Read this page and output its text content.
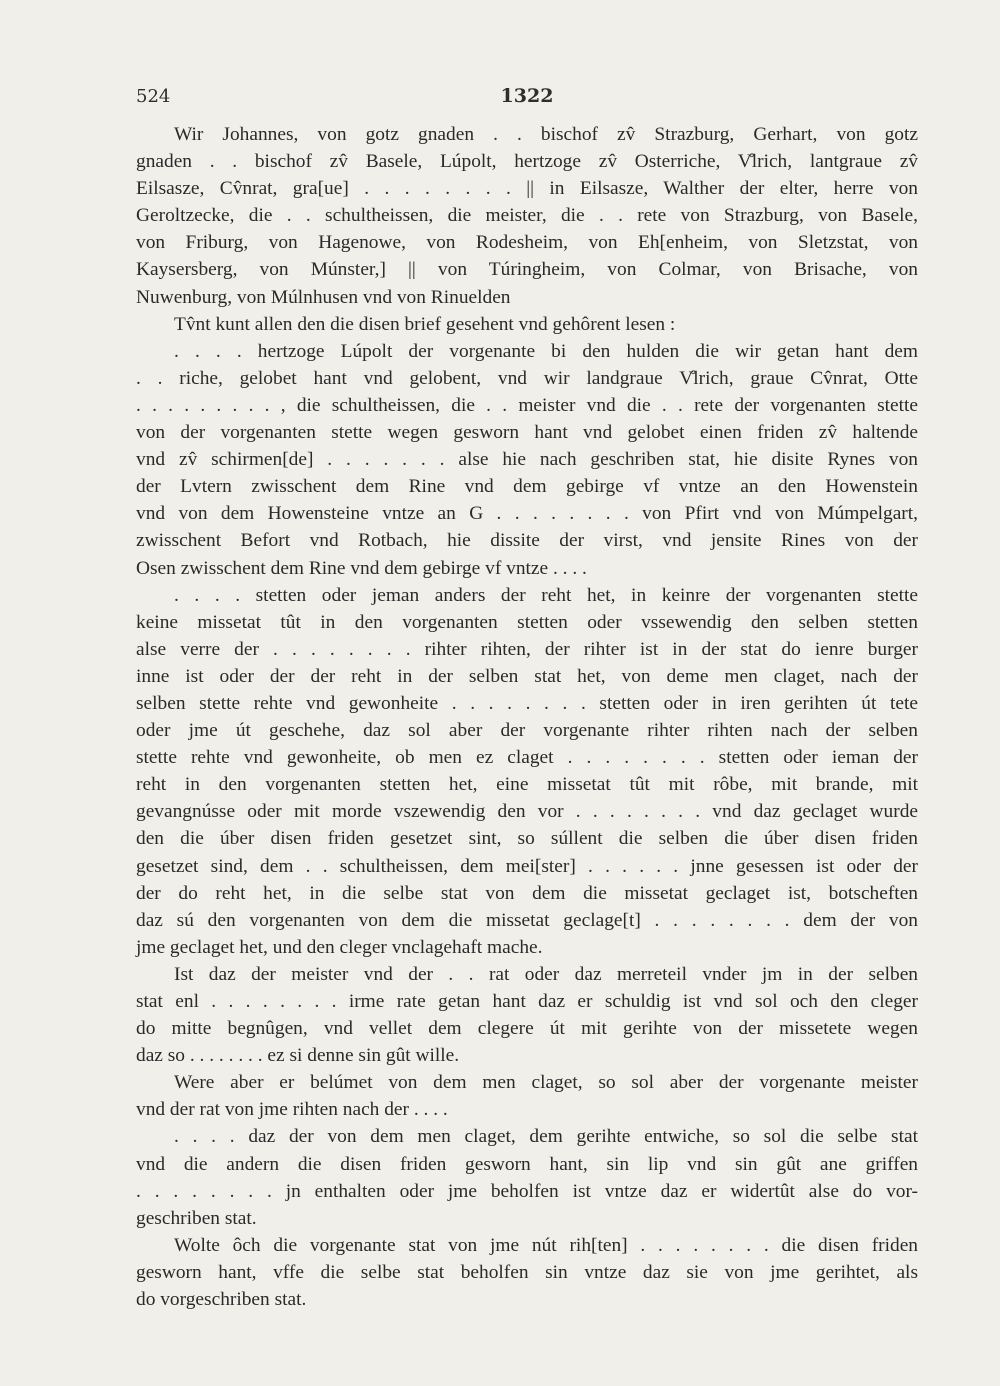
524	1322
Wir Johannes, von gotz gnaden . . bischof zv̂ Strazburg, Gerhart, von gotz
gnaden . . bischof zv̂ Basele, Lúpolt, hertzoge zv̂ Osterriche, V̊lrich, lantgraue zv̂
Eilsasze, Cv̂nrat, gra[ue] . . . . . . . . || in Eilsasze, Walther der elter, herre von
Geroltzecke, die . . schultheissen, die meister, die . . rete von Strazburg, von Basele,
von Friburg, von Hagenowe, von Rodesheim, von Eh[enheim, von Sletzstat, von
Kaysersberg, von Múnster,] || von Túringheim, von Colmar, von Brisache, von
Nuwenburg, von Múlnhusen vnd von Rinuelden
Tv̂nt kunt allen den die disen brief gesehent vnd gehôrent lesen :
. . . . hertzoge Lúpolt der vorgenante bi den hulden die wir getan hant dem
. . riche, gelobet hant vnd gelobent, vnd wir landgraue V̊lrich, graue Cv̂nrat, Otte
. . . . . . . . . , die schultheissen, die . . meister vnd die . . rete der vorgenanten stette
von der vorgenanten stette wegen gesworn hant vnd gelobet einen friden zv̂ haltende
vnd zv̂ schirmen[de] . . . . . . . alse hie nach geschriben stat, hie disite Rynes von
der Lvtern zwisschent dem Rine vnd dem gebirge vf vntze an den Howenstein
vnd von dem Howensteine vntze an G . . . . . . . . von Pfirt vnd von Múmpelgart,
zwisschent Befort vnd Rotbach, hie dissite der virst, vnd jensite Rines von der
Osen zwisschent dem Rine vnd dem gebirge vf vntze . . . .
. . . . stetten oder jeman anders der reht het, in keinre der vorgenanten stette
keine missetat tût in den vorgenanten stetten oder vssewendig den selben stetten
alse verre der . . . . . . . . rihter rihten, der rihter ist in der stat do ienre burger
inne ist oder der der reht in der selben stat het, von deme men claget, nach der
selben stette rehte vnd gewonheite . . . . . . . . stetten oder in iren gerihten út tete
oder jme út geschehe, daz sol aber der vorgenante rihter rihten nach der selben
stette rehte vnd gewonheite, ob men ez claget . . . . . . . . stetten oder ieman der
reht in den vorgenanten stetten het, eine missetat tût mit rôbe, mit brande, mit
gevangnússe oder mit morde vszewendig den vor . . . . . . . . vnd daz geclaget wurde
den die úber disen friden gesetzet sint, so súllent die selben die úber disen friden
gesetzet sind, dem . . schultheissen, dem mei[ster] . . . . . . jnne gesessen ist oder der
der do reht het, in die selbe stat von dem die missetat geclaget ist, botscheften
daz sú den vorgenanten von dem die missetat geclage[t] . . . . . . . . dem der von
jme geclaget het, und den cleger vnclagehaft mache.
Ist daz der meister vnd der . . rat oder daz merreteil vnder jm in der selben
stat enl . . . . . . . . irme rate getan hant daz er schuldig ist vnd sol och den cleger
do mitte begnûgen, vnd vellet dem clegere út mit gerihte von der missetete wegen
daz so . . . . . . . . ez si denne sin gût wille.
Were aber er belúmet von dem men claget, so sol aber der vorgenante meister
vnd der rat von jme rihten nach der . . . .
. . . . daz der von dem men claget, dem gerihte entwiche, so sol die selbe stat
vnd die andern die disen friden gesworn hant, sin lip vnd sin gût ane griffen
. . . . . . . . jn enthalten oder jme beholfen ist vntze daz er widertût alse do vor-
geschriben stat.
Wolte ôch die vorgenante stat von jme nút rih[ten] . . . . . . . . die disen friden
gesworn hant, vffe die selbe stat beholfen sin vntze daz sie von jme gerihtet, als
do vorgeschriben stat.
